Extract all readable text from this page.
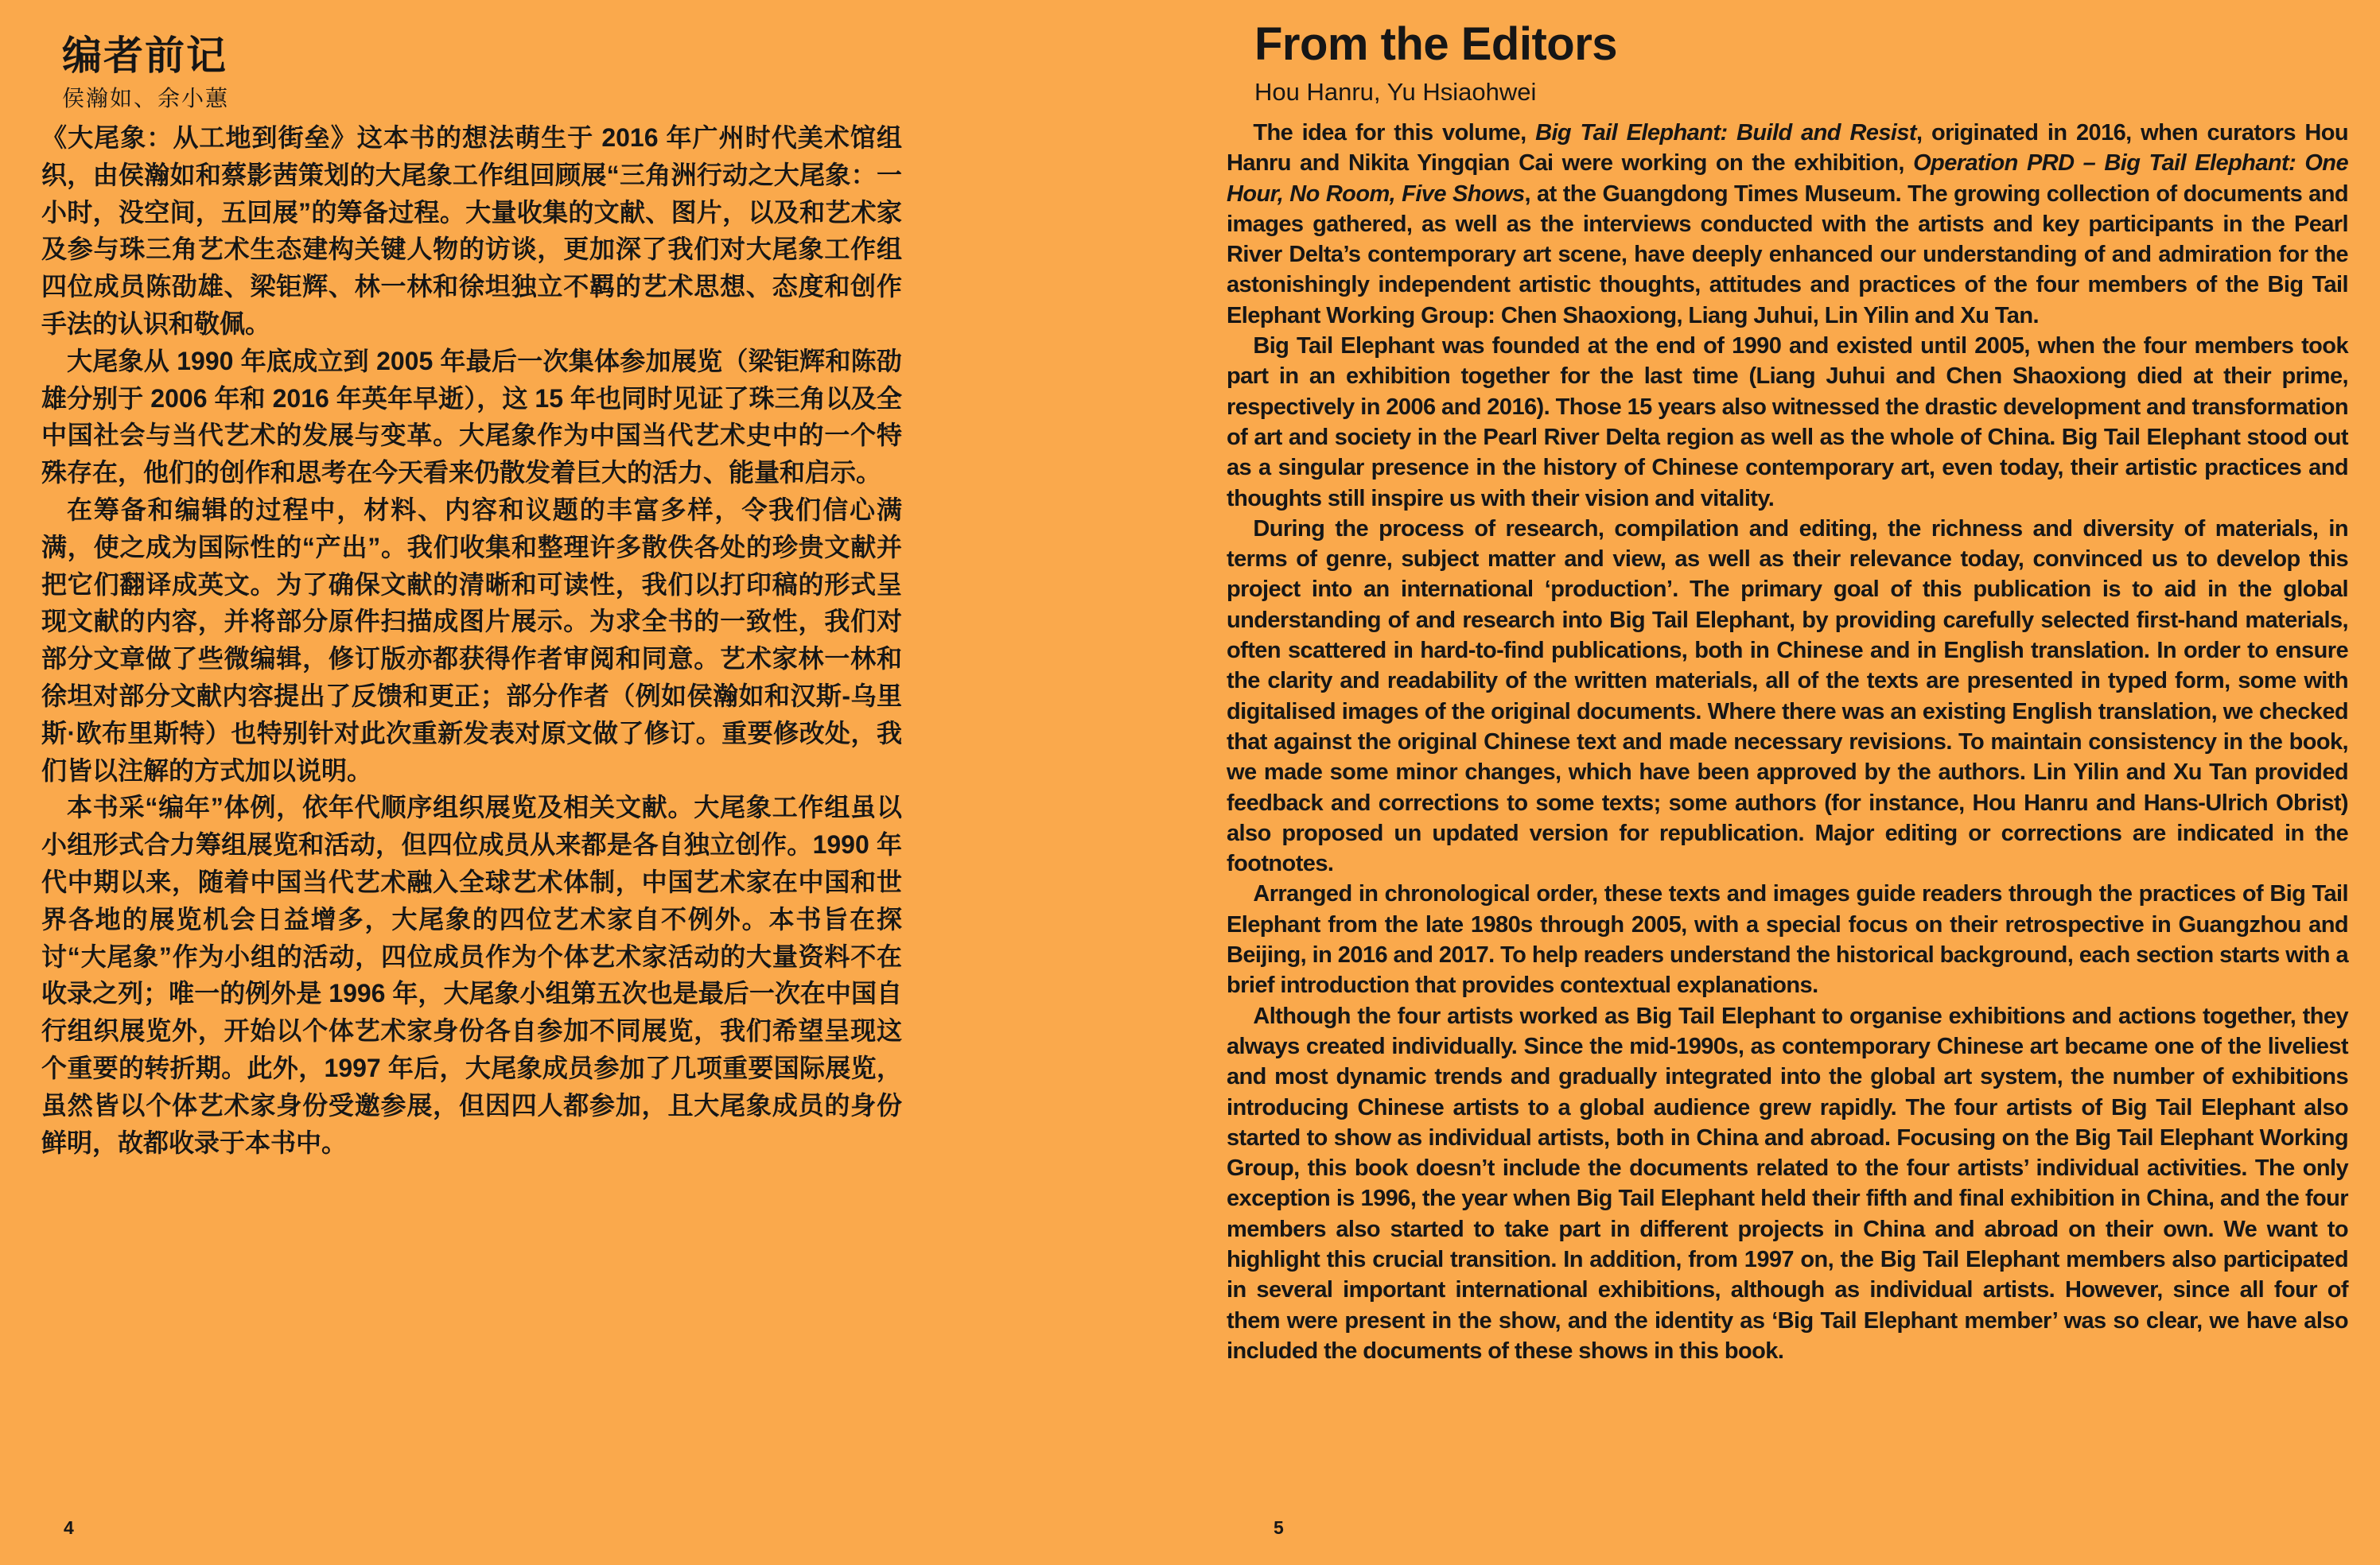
编者前记
侯瀚如、余小蕙

《大尾象：从工地到街垒》这本书的想法萌生于 2016 年广州时代美术馆组织，由侯瀚如和蔡影茜策划的大尾象工作组回顾展“三角洲行动之大尾象：一小时，没空间，五回展”的筹备过程。大量收集的文献、图片，以及和艺术家及参与珠三角艺术生态建构关键人物的访谈，更加深了我们对大尾象工作组四位成员陈劭雄、梁钜辉、林一林和徐坦独立不羁的艺术思想、态度和创作手法的认识和敬佩。

大尾象从 1990 年底成立到 2005 年最后一次集体参加展览（梁钜辉和陈劭雄分别于 2006 年和 2016 年英年早逝），这 15 年也同时见证了珠三角以及全中国社会与当代艺术的发展与变革。大尾象作为中国当代艺术史中的一个特殊存在，他们的创作和思考在今天看来仍散发着巨大的活力、能量和启示。

在筹备和编辑的过程中，材料、内容和议题的丰富多样，令我们信心满满，使之成为国际性的“产出”。我们收集和整理许多散佚各处的珍贵文献并把它们翻译成英文。为了确保文献的清晰和可读性，我们以打印稿的形式呈现文献的内容，并将部分原件扫描成图片展示。为求全书的一致性，我们对部分文章做了些微编辑，修订版亦都获得作者审阅和同意。艺术家林一林和徐坦对部分文献内容提出了反馈和更正；部分作者（例如侯瀚如和汉斯-乌里斯·欧布里斯特）也特别针对此次重新发表对原文做了修订。重要修改处，我们皆以注解的方式加以说明。

本书采“编年”体例，依年代顺序组织展览及相关文献。大尾象工作组虽以小组形式合力筹组展览和活动，但四位成员从来都是各自独立创作。1990 年代中期以来，随着中国当代艺术融入全球艺术体制，中国艺术家在中国和世界各地的展览机会日益增多，大尾象的四位艺术家自不例外。本书旨在探讨“大尾象”作为小组的活动，四位成员作为个体艺术家活动的大量资料不在收录之列；唯一的例外是 1996 年，大尾象小组第五次也是最后一次在中国自行组织展览外，开始以个体艺术家身份各自参加不同展览，我们希望呈现这个重要的转折期。此外，1997 年后，大尾象成员参加了几项重要国际展览，虽然皆以个体艺术家身份受邀参展，但因四人都参加，且大尾象成员的身份鲜明，故都收录于本书中。

4
From the Editors
Hou Hanru, Yu Hsiaohwei

The idea for this volume, Big Tail Elephant: Build and Resist, originated in 2016, when curators Hou Hanru and Nikita Yingqian Cai were working on the exhibition, Operation PRD – Big Tail Elephant: One Hour, No Room, Five Shows, at the Guangdong Times Museum. The growing collection of documents and images gathered, as well as the interviews conducted with the artists and key participants in the Pearl River Delta’s contemporary art scene, have deeply enhanced our understanding of and admiration for the astonishingly independent artistic thoughts, attitudes and practices of the four members of the Big Tail Elephant Working Group: Chen Shaoxiong, Liang Juhui, Lin Yilin and Xu Tan.

Big Tail Elephant was founded at the end of 1990 and existed until 2005, when the four members took part in an exhibition together for the last time (Liang Juhui and Chen Shaoxiong died at their prime, respectively in 2006 and 2016). Those 15 years also witnessed the drastic development and transformation of art and society in the Pearl River Delta region as well as the whole of China. Big Tail Elephant stood out as a singular presence in the history of Chinese contemporary art, even today, their artistic practices and thoughts still inspire us with their vision and vitality.

During the process of research, compilation and editing, the richness and diversity of materials, in terms of genre, subject matter and view, as well as their relevance today, convinced us to develop this project into an international ‘production’. The primary goal of this publication is to aid in the global understanding of and research into Big Tail Elephant, by providing carefully selected first-hand materials, often scattered in hard-to-find publications, both in Chinese and in English translation. In order to ensure the clarity and readability of the written materials, all of the texts are presented in typed form, some with digitalised images of the original documents. Where there was an existing English translation, we checked that against the original Chinese text and made necessary revisions. To maintain consistency in the book, we made some minor changes, which have been approved by the authors. Lin Yilin and Xu Tan provided feedback and corrections to some texts; some authors (for instance, Hou Hanru and Hans-Ulrich Obrist) also proposed un updated version for republication. Major editing or corrections are indicated in the footnotes.

Arranged in chronological order, these texts and images guide readers through the practices of Big Tail Elephant from the late 1980s through 2005, with a special focus on their retrospective in Guangzhou and Beijing, in 2016 and 2017. To help readers understand the historical background, each section starts with a brief introduction that provides contextual explanations.

Although the four artists worked as Big Tail Elephant to organise exhibitions and actions together, they always created individually. Since the mid-1990s, as contemporary Chinese art became one of the liveliest and most dynamic trends and gradually integrated into the global art system, the number of exhibitions introducing Chinese artists to a global audience grew rapidly. The four artists of Big Tail Elephant also started to show as individual artists, both in China and abroad. Focusing on the Big Tail Elephant Working Group, this book doesn’t include the documents related to the four artists’ individual activities. The only exception is 1996, the year when Big Tail Elephant held their fifth and final exhibition in China, and the four members also started to take part in different projects in China and abroad on their own. We want to highlight this crucial transition. In addition, from 1997 on, the Big Tail Elephant members also participated in several important international exhibitions, although as individual artists. However, since all four of them were present in the show, and the identity as ‘Big Tail Elephant member’ was so clear, we have also included the documents of these shows in this book.

5
